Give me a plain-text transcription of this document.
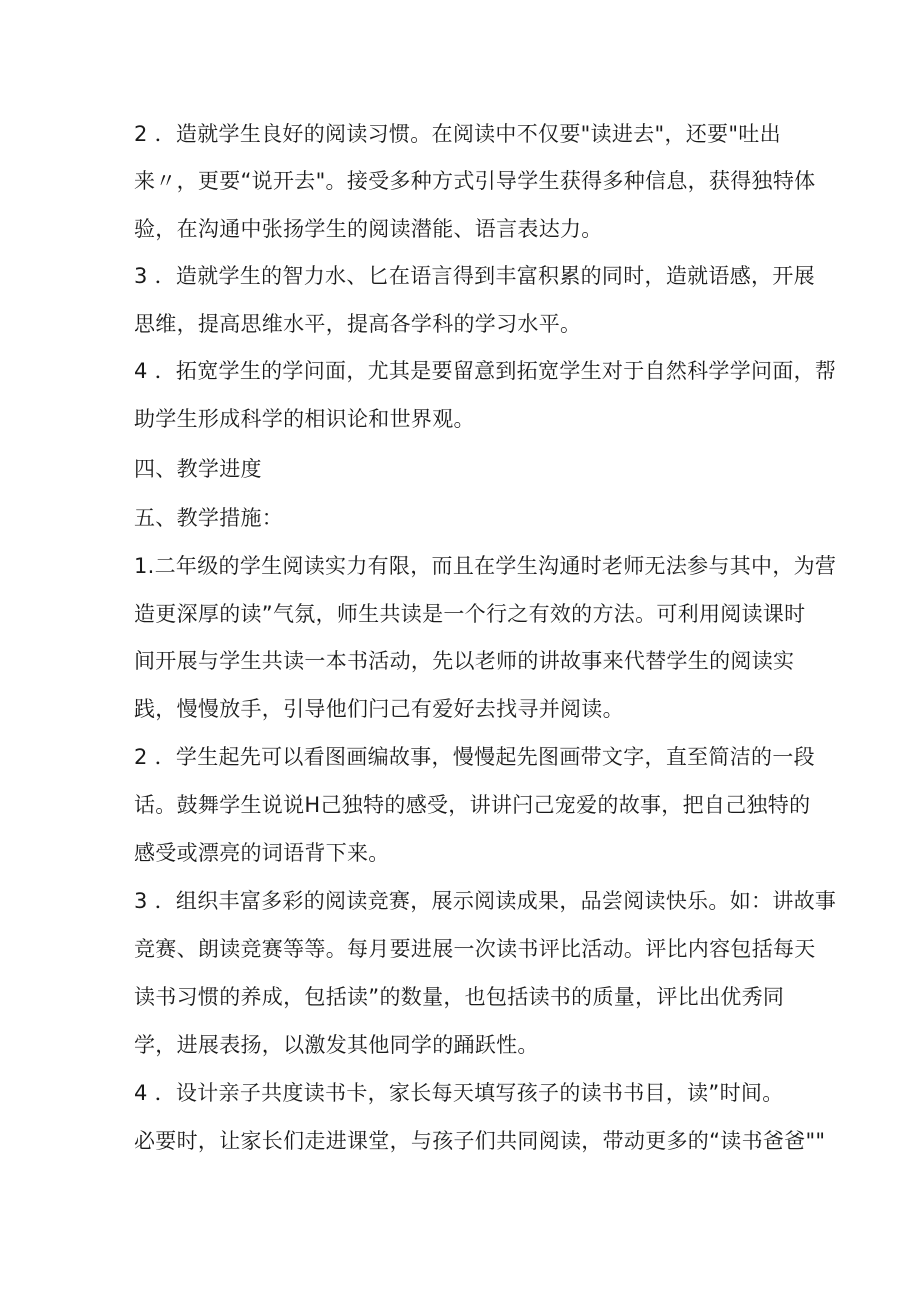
2 ．造就学生良好的阅读习惯。在阅读中不仅要"读进去"，还要"吐出
来〃，更要“说开去"。接受多种方式引导学生获得多种信息，获得独特体
验，在沟通中张扬学生的阅读潜能、语言表达力。
3 ．造就学生的智力水、匕在语言得到丰富积累的同时，造就语感，开展
思维，提高思维水平，提高各学科的学习水平。
4 ．拓宽学生的学问面，尤其是要留意到拓宽学生对于自然科学学问面，帮
助学生形成科学的相识论和世界观。
四、教学进度
五、教学措施：
1.二年级的学生阅读实力有限，而且在学生沟通时老师无法参与其中，为营
造更深厚的读”气氛，师生共读是一个行之有效的方法。可利用阅读课时
间开展与学生共读一本书活动，先以老师的讲故事来代替学生的阅读实
践，慢慢放手，引导他们闩己有爱好去找寻并阅读。
2 ．学生起先可以看图画编故事，慢慢起先图画带文字，直至简洁的一段
话。鼓舞学生说说H己独特的感受，讲讲闩己宠爱的故事，把自己独特的
感受或漂亮的词语背下来。
3 ．组织丰富多彩的阅读竞赛，展示阅读成果，品尝阅读快乐。如：讲故事
竞赛、朗读竞赛等等。每月要进展一次读书评比活动。评比内容包括每天
读书习惯的养成，包括读”的数量，也包括读书的质量，评比出优秀同
学，进展表扬，以激发其他同学的踊跃性。
4 ．设计亲子共度读书卡，家长每天填写孩子的读书书目，读”时间。
必要时，让家长们走进课堂，与孩子们共同阅读，带动更多的“读书爸爸""
